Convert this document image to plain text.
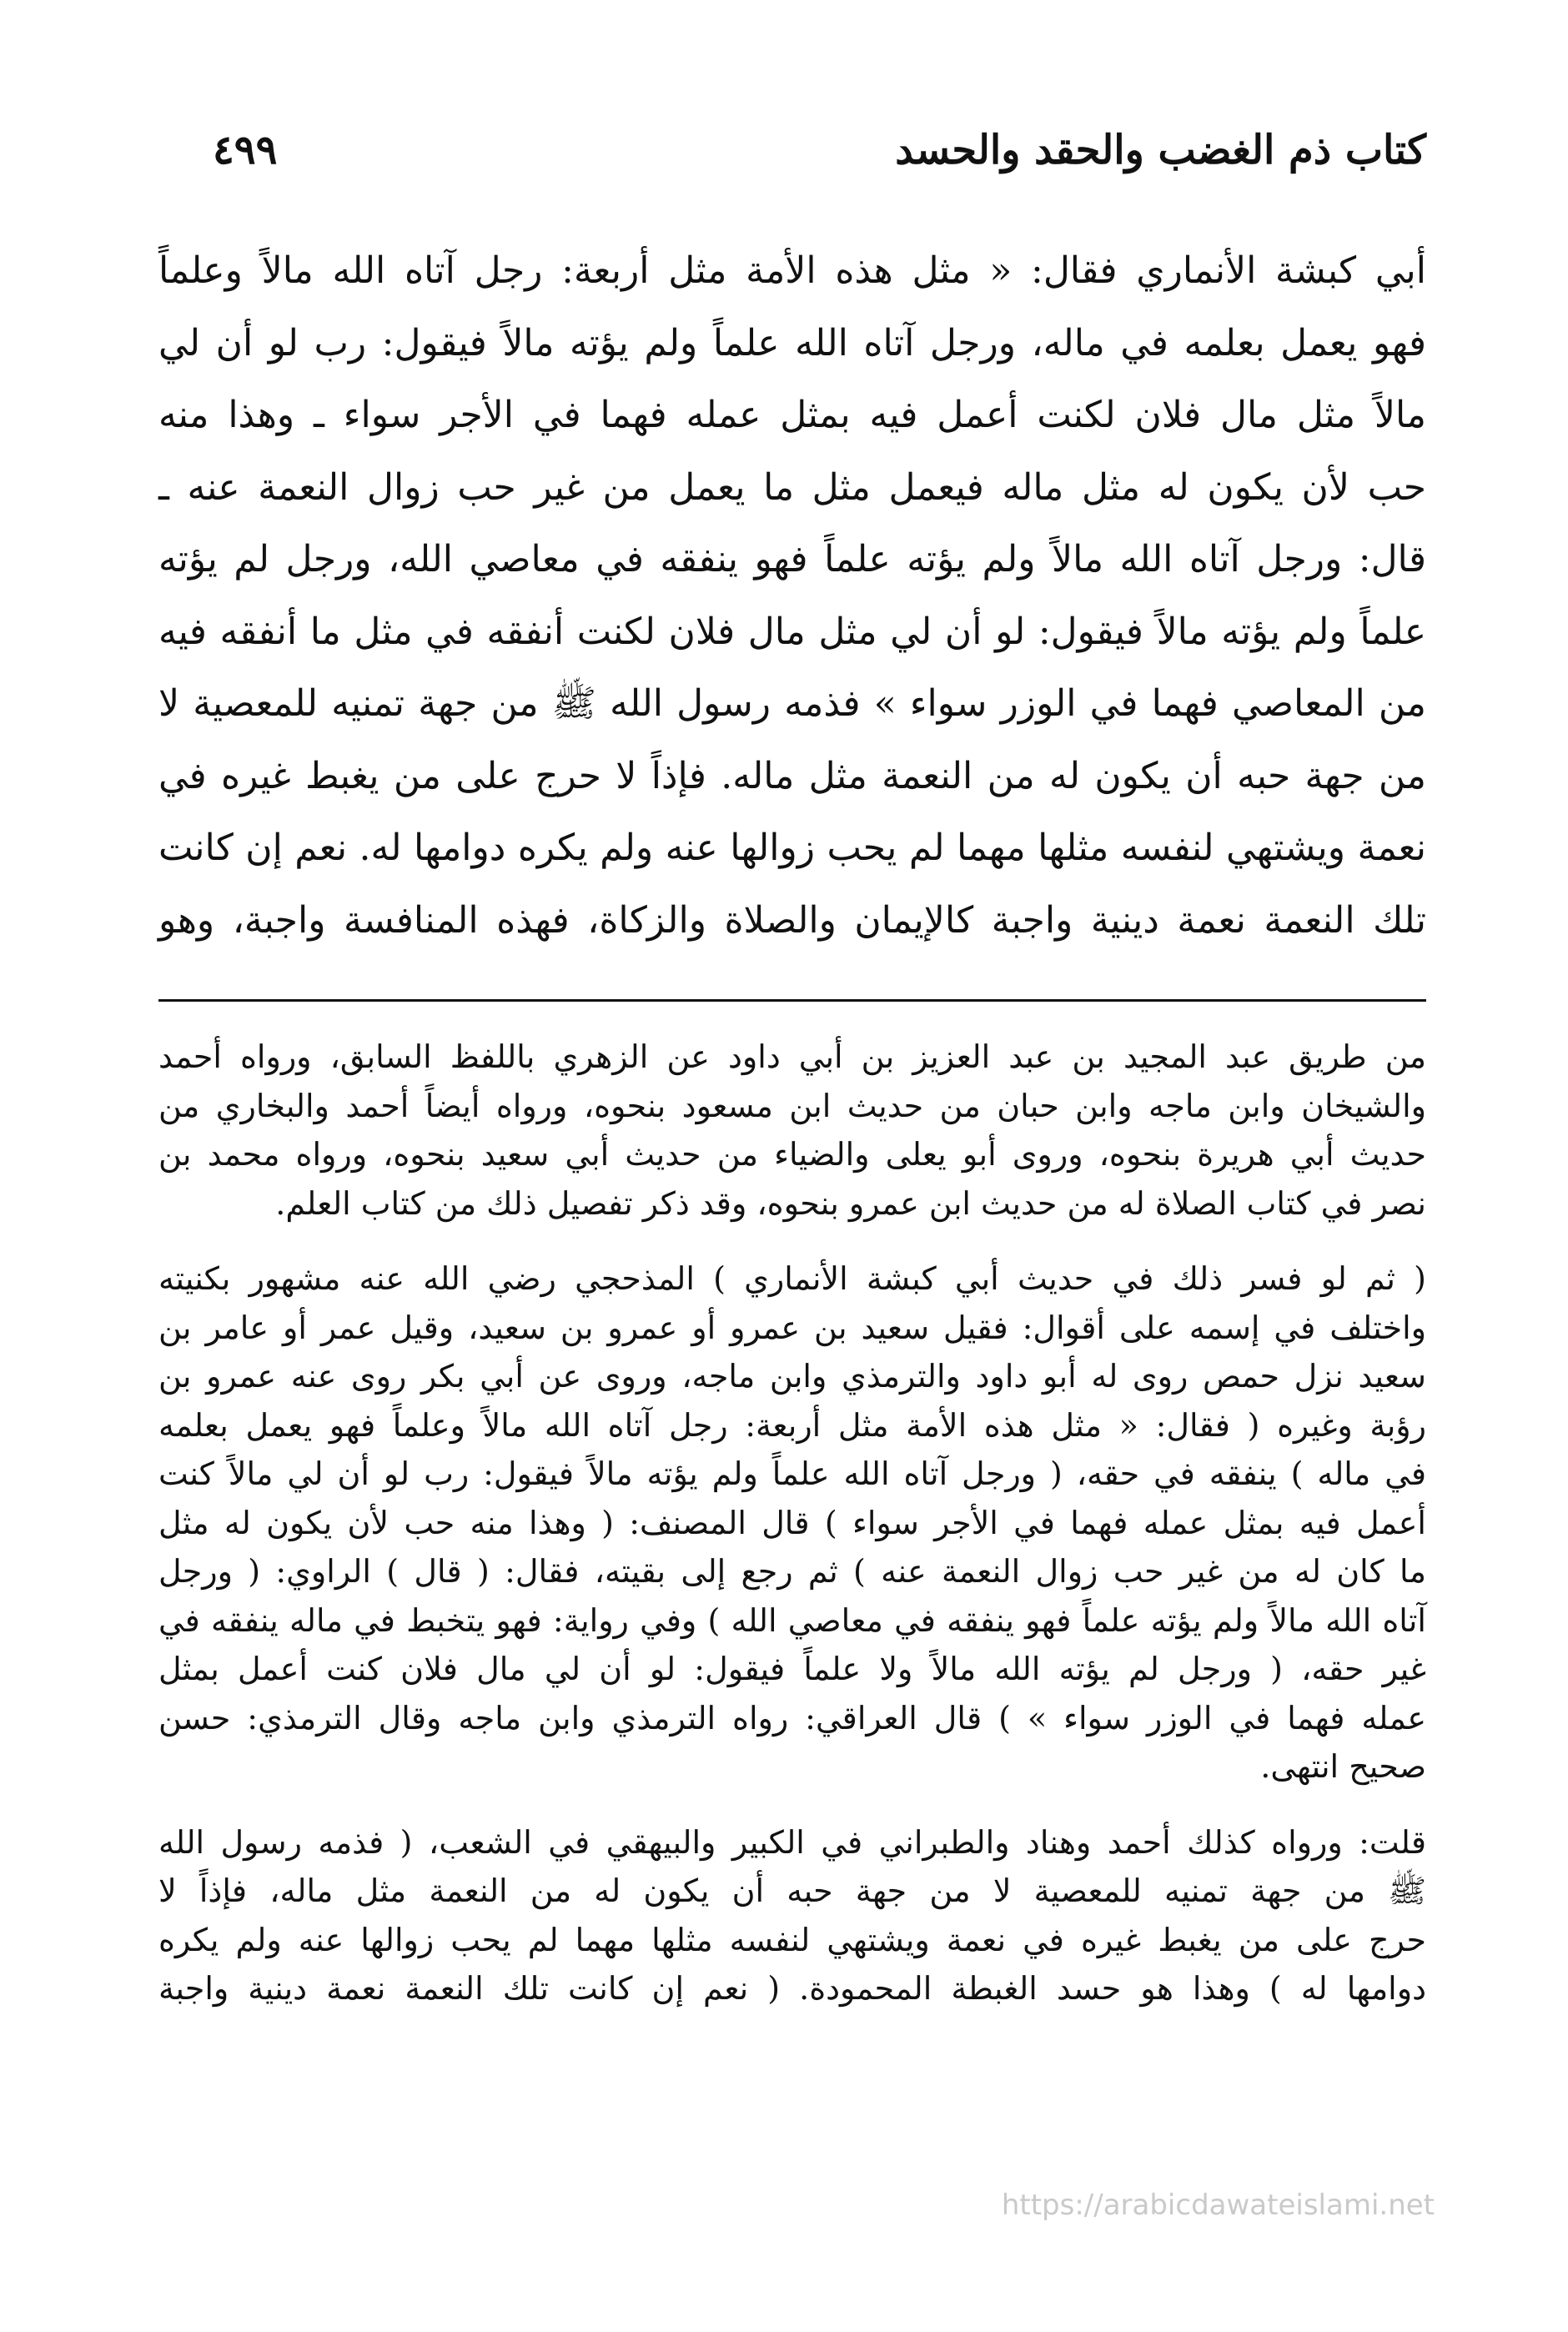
كتاب ذم الغضب والحقد والحسد
٤٩٩

أبي كبشة الأنماري فقال: « مثل هذه الأمة مثل أربعة: رجل آتاه الله مالاً وعلماً

فهو يعمل بعلمه في ماله، ورجل آتاه الله علماً ولم يؤته مالاً فيقول: رب لو أن لي

مالاً مثل مال فلان لكنت أعمل فيه بمثل عمله فهما في الأجر سواء ـ وهذا منه

حب لأن يكون له مثل ماله فيعمل مثل ما يعمل من غير حب زوال النعمة عنه ـ

قال: ورجل آتاه الله مالاً ولم يؤته علماً فهو ينفقه في معاصي الله، ورجل لم يؤته

علماً ولم يؤته مالاً فيقول: لو أن لي مثل مال فلان لكنت أنفقه في مثل ما أنفقه فيه

من المعاصي فهما في الوزر سواء » فذمه رسول الله ﷺ من جهة تمنيه للمعصية لا

من جهة حبه أن يكون له من النعمة مثل ماله. فإذاً لا حرج على من يغبط غيره في

نعمة ويشتهي لنفسه مثلها مهما لم يحب زوالها عنه ولم يكره دوامها له. نعم إن كانت

تلك النعمة نعمة دينية واجبة كالإيمان والصلاة والزكاة، فهذه المنافسة واجبة، وهو

من طريق عبد المجيد بن عبد العزيز بن أبي داود عن الزهري باللفظ السابق، ورواه أحمد

والشيخان وابن ماجه وابن حبان من حديث ابن مسعود بنحوه، ورواه أيضاً أحمد والبخاري من

حديث أبي هريرة بنحوه، وروى أبو يعلى والضياء من حديث أبي سعيد بنحوه، ورواه محمد بن

نصر في كتاب الصلاة له من حديث ابن عمرو بنحوه، وقد ذكر تفصيل ذلك من كتاب العلم.

( ثم لو فسر ذلك في حديث أبي كبشة الأنماري ) المذحجي رضي الله عنه مشهور بكنيته

واختلف في إسمه على أقوال: فقيل سعيد بن عمرو أو عمرو بن سعيد، وقيل عمر أو عامر بن

سعيد نزل حمص روى له أبو داود والترمذي وابن ماجه، وروى عن أبي بكر روى عنه عمرو بن

رؤبة وغيره ( فقال: « مثل هذه الأمة مثل أربعة: رجل آتاه الله مالاً وعلماً فهو يعمل بعلمه

في ماله ) ينفقه في حقه، ( ورجل آتاه الله علماً ولم يؤته مالاً فيقول: رب لو أن لي مالاً كنت

أعمل فيه بمثل عمله فهما في الأجر سواء ) قال المصنف: ( وهذا منه حب لأن يكون له مثل

ما كان له من غير حب زوال النعمة عنه ) ثم رجع إلى بقيته، فقال: ( قال ) الراوي: ( ورجل

آتاه الله مالاً ولم يؤته علماً فهو ينفقه في معاصي الله ) وفي رواية: فهو يتخبط في ماله ينفقه في

غير حقه، ( ورجل لم يؤته الله مالاً ولا علماً فيقول: لو أن لي مال فلان كنت أعمل بمثل

عمله فهما في الوزر سواء » ) قال العراقي: رواه الترمذي وابن ماجه وقال الترمذي: حسن

صحيح انتهى.

قلت: ورواه كذلك أحمد وهناد والطبراني في الكبير والبيهقي في الشعب، ( فذمه رسول الله

ﷺ من جهة تمنيه للمعصية لا من جهة حبه أن يكون له من النعمة مثل ماله، فإذاً لا

حرج على من يغبط غيره في نعمة ويشتهي لنفسه مثلها مهما لم يحب زوالها عنه ولم يكره

دوامها له ) وهذا هو حسد الغبطة المحمودة. ( نعم إن كانت تلك النعمة نعمة دينية واجبة

https://arabicdawateislami.net
